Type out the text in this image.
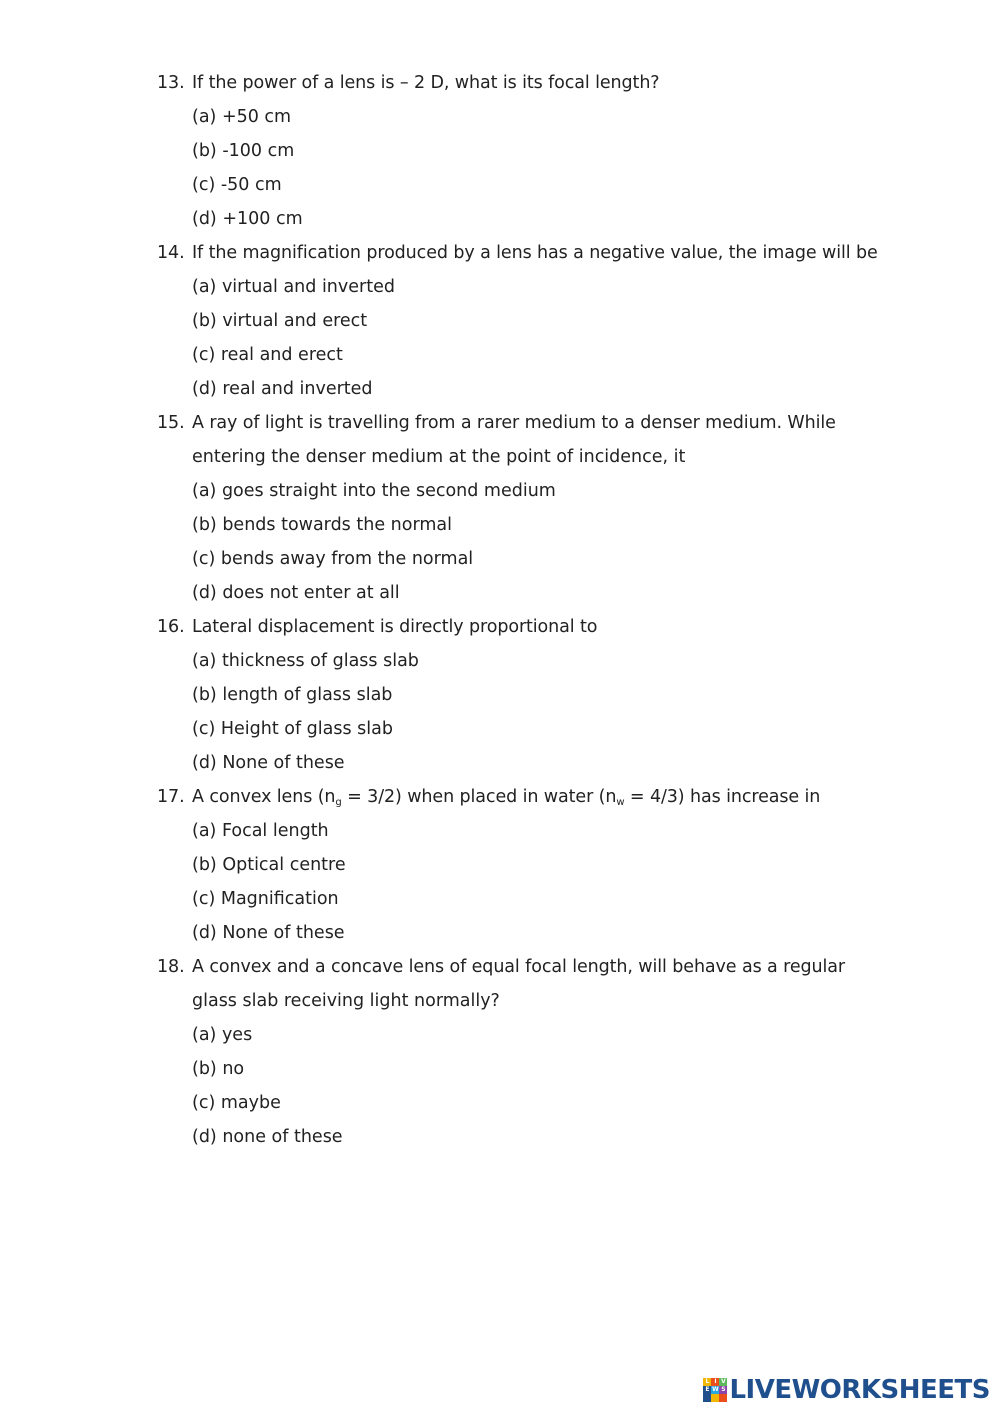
13. If the power of a lens is – 2 D, what is its focal length?
(a) +50 cm
(b) -100 cm
(c) -50 cm
(d) +100 cm
14. If the magnification produced by a lens has a negative value, the image will be
(a) virtual and inverted
(b) virtual and erect
(c) real and erect
(d) real and inverted
15. A ray of light is travelling from a rarer medium to a denser medium. While
entering the denser medium at the point of incidence, it
(a) goes straight into the second medium
(b) bends towards the normal
(c) bends away from the normal
(d) does not enter at all
16. Lateral displacement is directly proportional to
(a) thickness of glass slab
(b) length of glass slab
(c) Height of glass slab
(d) None of these
17. A convex lens $(n_g = 3/2)$ when placed in water $(n_w = 4/3)$ has increase in
(a) Focal length
(b) Optical centre
(c) Magnification
(d) None of these
18. A convex and a concave lens of equal focal length, will behave as a regular
glass slab receiving light normally?
(a) yes
(b) no
(c) maybe
(d) none of these
L I V
E W S LIVEWORKSHEETS
